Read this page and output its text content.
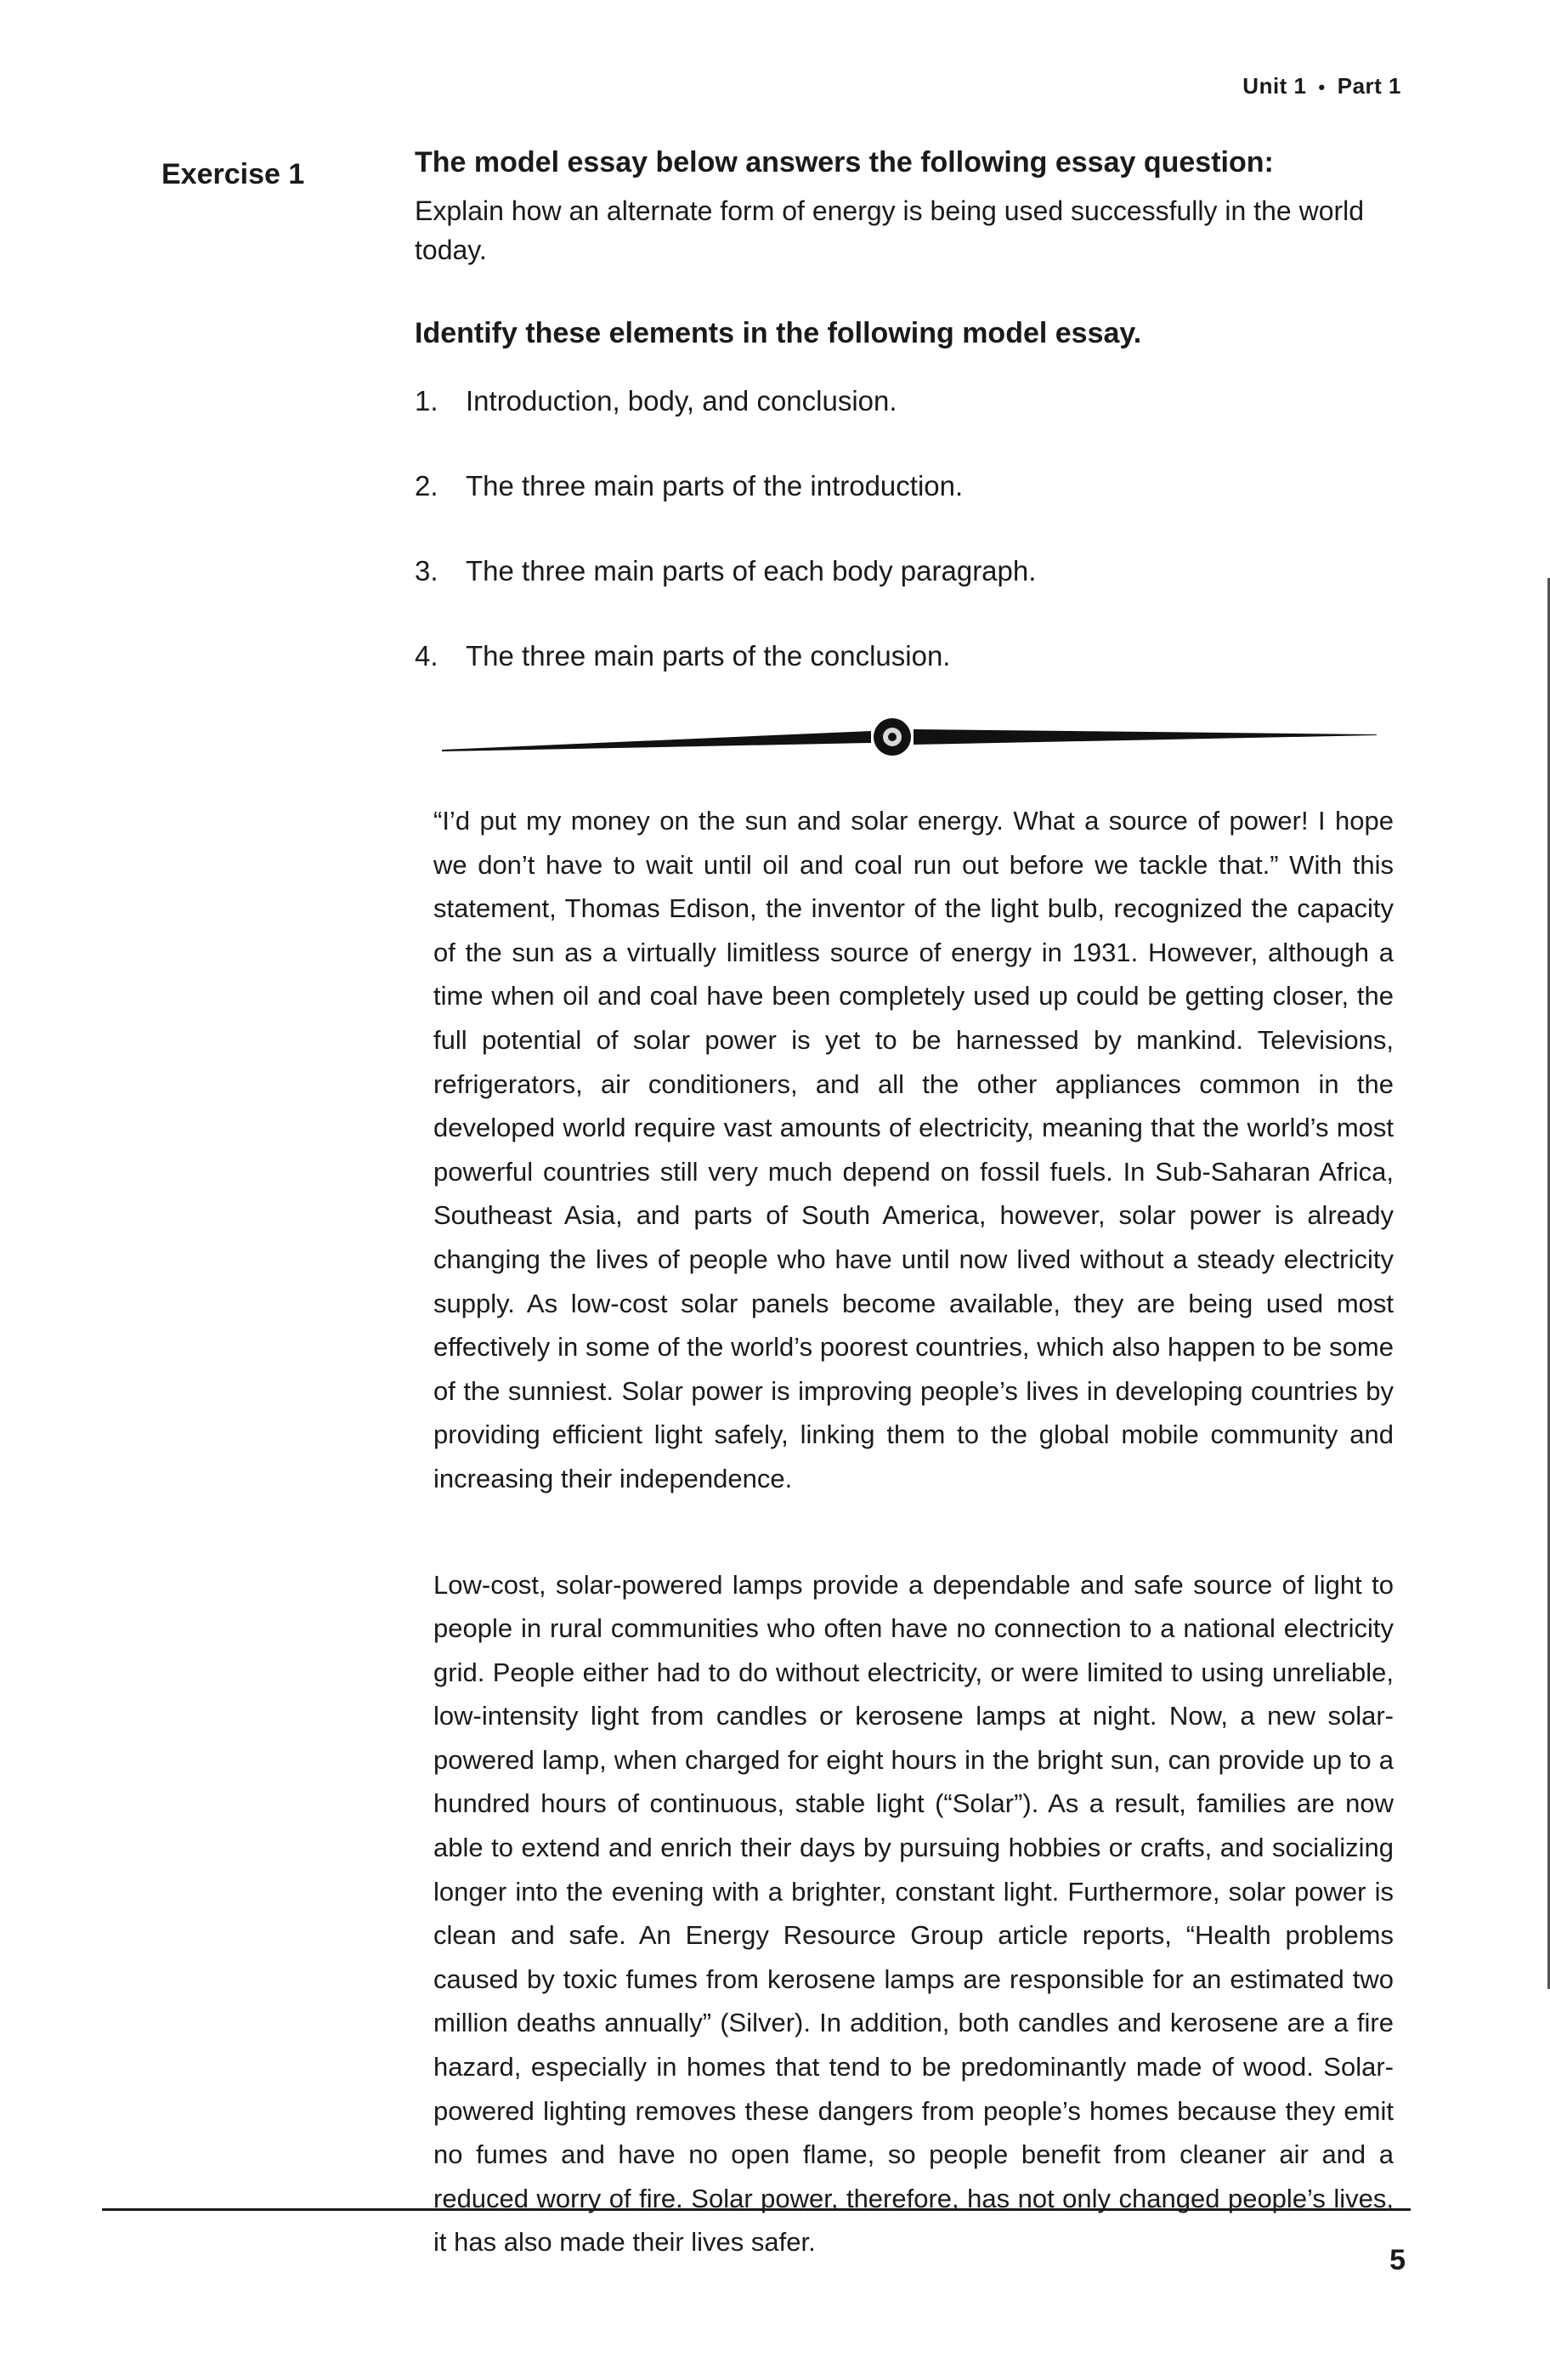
Unit 1 • Part 1
Exercise 1	The model essay below answers the following essay question:

Explain how an alternate form of energy is being used successfully in the world today.

Identify these elements in the following model essay.
1. Introduction, body, and conclusion.
2. The three main parts of the introduction.
3. The three main parts of each body paragraph.
4. The three main parts of the conclusion.

“I’d put my money on the sun and solar energy. What a source of power! I hope we don’t have to wait until oil and coal run out before we tackle that.” With this statement, Thomas Edison, the inventor of the light bulb, recognized the capacity of the sun as a virtually limitless source of energy in 1931. However, although a time when oil and coal have been completely used up could be getting closer, the full potential of solar power is yet to be harnessed by mankind. Televisions, refrigerators, air conditioners, and all the other appliances common in the developed world require vast amounts of electricity, meaning that the world’s most powerful countries still very much depend on fossil fuels. In Sub-Saharan Africa, Southeast Asia, and parts of South America, however, solar power is already changing the lives of people who have until now lived without a steady electricity supply. As low-cost solar panels become available, they are being used most effectively in some of the world’s poorest countries, which also happen to be some of the sunniest. Solar power is improving people’s lives in developing countries by providing efficient light safely, linking them to the global mobile community and increasing their independence.

Low-cost, solar-powered lamps provide a dependable and safe source of light to people in rural communities who often have no connection to a national electricity grid. People either had to do without electricity, or were limited to using unreliable, low-intensity light from candles or kerosene lamps at night. Now, a new solar-powered lamp, when charged for eight hours in the bright sun, can provide up to a hundred hours of continuous, stable light (“Solar”). As a result, families are now able to extend and enrich their days by pursuing hobbies or crafts, and socializing longer into the evening with a brighter, constant light. Furthermore, solar power is clean and safe. An Energy Resource Group article reports, “Health problems caused by toxic fumes from kerosene lamps are responsible for an estimated two million deaths annually” (Silver). In addition, both candles and kerosene are a fire hazard, especially in homes that tend to be predominantly made of wood. Solar-powered lighting removes these dangers from people’s homes because they emit no fumes and have no open flame, so people benefit from cleaner air and a reduced worry of fire. Solar power, therefore, has not only changed people’s lives, it has also made their lives safer.

5
